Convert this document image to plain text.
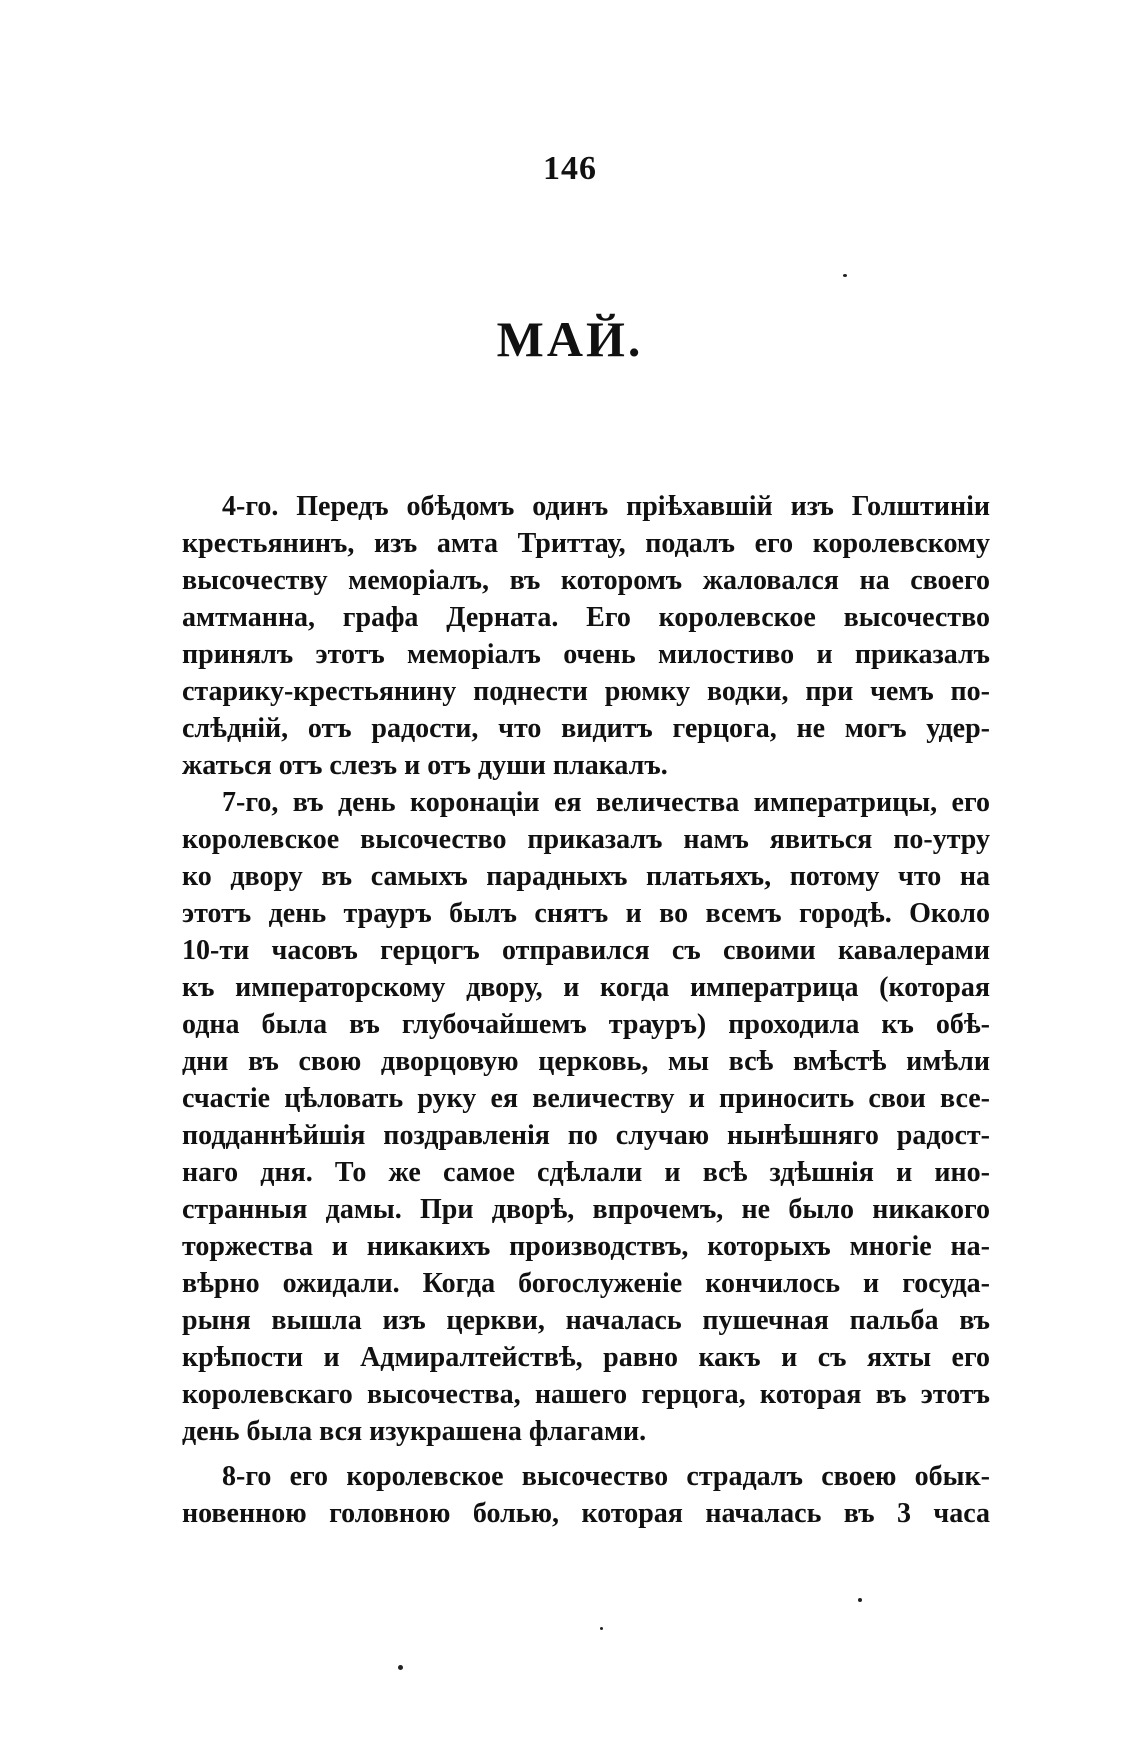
146
МАЙ.
4-го. Передъ обѣдомъ одинъ пріѣхавшій изъ Голштиніи
крестьянинъ, изъ амта Триттау, подалъ его королевскому
высочеству меморіалъ, въ которомъ жаловался на своего
амтманна, графа Дерната. Его королевское высочество
принялъ этотъ меморіалъ очень милостиво и приказалъ
старику-крестьянину поднести рюмку водки, при чемъ по-
слѣдній, отъ радости, что видитъ герцога, не могъ удер-
жаться отъ слезъ и отъ души плакалъ.
7-го, въ день коронаціи ея величества императрицы, его
королевское высочество приказалъ намъ явиться по-утру
ко двору въ самыхъ парадныхъ платьяхъ, потому что на
этотъ день трауръ былъ снятъ и во всемъ городѣ. Около
10-ти часовъ герцогъ отправился съ своими кавалерами
къ императорскому двору, и когда императрица (которая
одна была въ глубочайшемъ трауръ) проходила къ обѣ-
дни въ свою дворцовую церковь, мы всѣ вмѣстѣ имѣли
счастіе цѣловать руку ея величеству и приносить свои все-
подданнѣйшія поздравленія по случаю нынѣшняго радост-
наго дня. То же самое сдѣлали и всѣ здѣшнія и ино-
странныя дамы. При дворѣ, впрочемъ, не было никакого
торжества и никакихъ производствъ, которыхъ многіе на-
вѣрно ожидали. Когда богослуженіе кончилось и госуда-
рыня вышла изъ церкви, началась пушечная пальба въ
крѣпости и Адмиралтействѣ, равно какъ и съ яхты его
королевскаго высочества, нашего герцога, которая въ этотъ
день была вся изукрашена флагами.
8-го его королевское высочество страдалъ своею обык-
новенною головною болью, которая началась въ 3 часа
